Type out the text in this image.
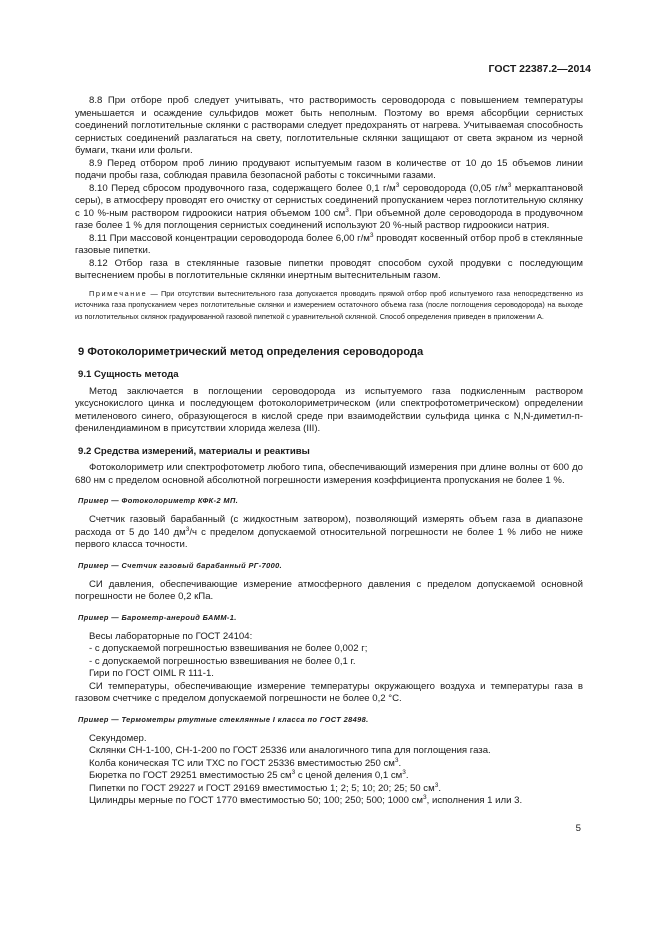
ГОСТ 22387.2—2014

8.8 При отборе проб следует учитывать, что растворимость сероводорода с повышением температуры уменьшается и осаждение сульфидов может быть неполным. Поэтому во время абсорбции сернистых соединений поглотительные склянки с растворами следует предохранять от нагрева. Учитываемая способность сернистых соединений разлагаться на свету, поглотительные склянки защищают от света экраном из черной бумаги, ткани или фольги.

8.9 Перед отбором проб линию продувают испытуемым газом в количестве от 10 до 15 объемов линии подачи пробы газа, соблюдая правила безопасной работы с токсичными газами.

8.10 Перед сбросом продувочного газа, содержащего более 0,1 $г/м^3$ сероводорода (0,05 $г/м^3$ меркаптановой серы), в атмосферу проводят его очистку от сернистых соединений пропусканием через поглотительную склянку с 10 %-ным раствором гидроокиси натрия объемом 100 $см^3$. При объемной доле сероводорода в продувочном газе более 1 % для поглощения сернистых соединений используют 20 %-ный раствор гидроокиси натрия.

8.11 При массовой концентрации сероводорода более 6,00 $г/м^3$ проводят косвенный отбор проб в стеклянные газовые пипетки.

8.12 Отбор газа в стеклянные газовые пипетки проводят способом сухой продувки с последующим вытеснением пробы в поглотительные склянки инертным вытеснительным газом.

Примечание — При отсутствии вытеснительного газа допускается проводить прямой отбор проб испытуемого газа непосредственно из источника газа пропусканием через поглотительные склянки и измерением остаточного объема газа (после поглощения сероводорода) на выходе из поглотительных склянок градуированной газовой пипеткой с уравнительной склянкой. Способ определения приведен в приложении А.

9 Фотоколориметрический метод определения сероводорода
9.1 Сущность метода

Метод заключается в поглощении сероводорода из испытуемого газа подкисленным раствором уксуснокислого цинка и последующем фотоколориметрическом (или спектрофотометрическом) определении метиленового синего, образующегося в кислой среде при взаимодействии сульфида цинка с N,N-диметил-п-фенилендиамином в присутствии хлорида железа (III).

9.2 Средства измерений, материалы и реактивы

Фотоколориметр или спектрофотометр любого типа, обеспечивающий измерения при длине волны от 600 до 680 нм с пределом основной абсолютной погрешности измерения коэффициента пропускания не более 1 %.

Пример — Фотоколориметр КФК-2 МП.

Счетчик газовый барабанный (с жидкостным затвором), позволяющий измерять объем газа в диапазоне расхода от 5 до 140 $дм^3/ч$ с пределом допускаемой относительной погрешности не более 1 % либо не ниже первого класса точности.

Пример — Счетчик газовый барабанный РГ-7000.

СИ давления, обеспечивающие измерение атмосферного давления с пределом допускаемой основной погрешности не более 0,2 кПа.

Пример — Барометр-анероид БАММ-1.

Весы лабораторные по ГОСТ 24104:

- с допускаемой погрешностью взвешивания не более 0,002 г;

- с допускаемой погрешностью взвешивания не более 0,1 г.

Гири по ГОСТ OIML R 111-1.

СИ температуры, обеспечивающие измерение температуры окружающего воздуха и температуры газа в газовом счетчике с пределом допускаемой погрешности не более 0,2 °С.

Пример — Термометры ртутные стеклянные I класса по ГОСТ 28498.

Секундомер.

Склянки СН-1-100, СН-1-200 по ГОСТ 25336 или аналогичного типа для поглощения газа.

Колба коническая ТС или ТХС по ГОСТ 25336 вместимостью 250 $см^3$.

Бюретка по ГОСТ 29251 вместимостью 25 $см^3$ с ценой деления 0,1 $см^3$.

Пипетки по ГОСТ 29227 и ГОСТ 29169 вместимостью 1; 2; 5; 10; 20; 25; 50 $см^3$.

Цилиндры мерные по ГОСТ 1770 вместимостью 50; 100; 250; 500; 1000 $см^3$, исполнения 1 или 3.

5
